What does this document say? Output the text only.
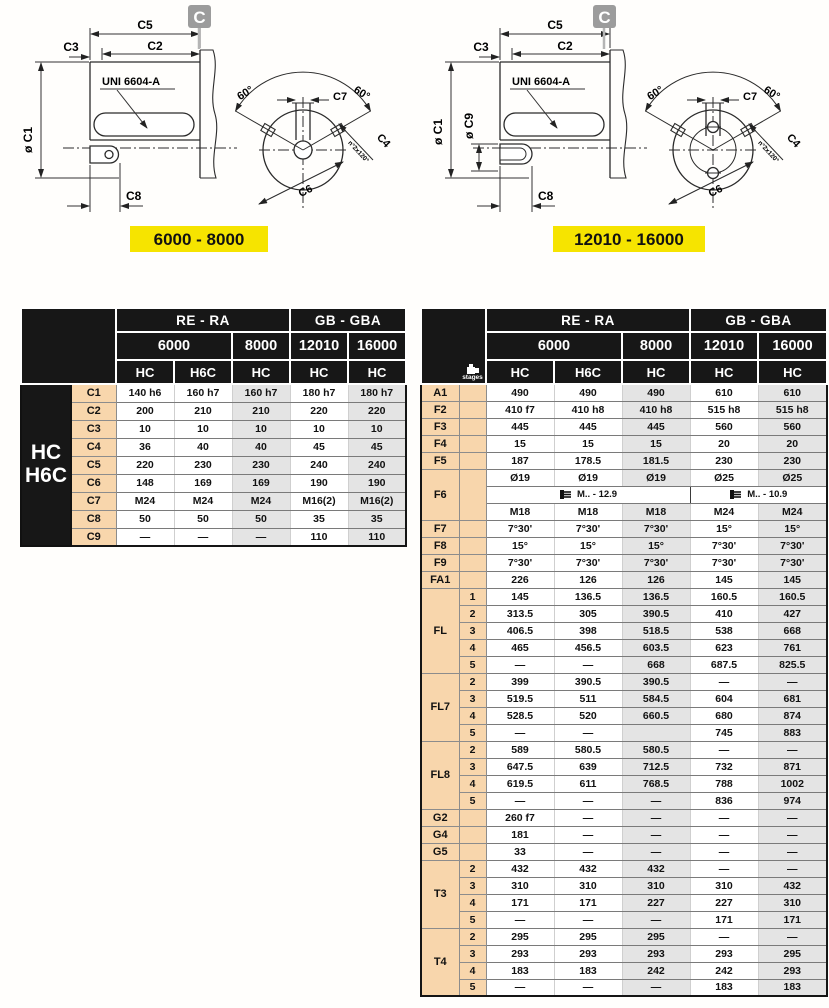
C5
C2
C3
ø C1
C8
UNI 6604-A
60°	60°
C7
C4
n°2x120°
C6
C
6000 - 8000
C5
C2
C3
ø C1 ø C9
C8
UNI 6604-A
60°	60°
C7
C4
n°2x120°
C6
C
12010 - 16000
		RE - RA			GB - GBA	
		6000		8000	12010	16000
		HC	H6C	HC	HC	HC

HC
H6C	C1	140 h6	160 h7	160 h7	180 h7	180 h7
	C2	200	210	210	220	220
	C3	10	10	10	10	10
	C4	36	40	40	45	45
	C5	220	230	230	240	240
	C6	148	169	169	190	190
	C7	M24	M24	M24	M16(2)	M16(2)
	C8	50	50	50	35	35
	C9	—	—	—	110	110
stages		RE - RA			GB - GBA	
		6000		8000	12010	16000
		HC	H6C	HC	HC	HC
A1		490	490	490	610	610
F2		410 f7	410 h8	410 h8	515 h8	515 h8
F3		445	445	445	560	560
F4		15	15	15	20	20
F5		187	178.5	181.5	230	230
F6		Ø19	Ø19	Ø19	Ø25	Ø25
		M.. - 12.9			M.. - 10.9	
		M18	M18	M18	M24	M24
F7		7°30'	7°30'	7°30'	15°	15°
F8		15°	15°	15°	7°30'	7°30'
F9		7°30'	7°30'	7°30'	7°30'	7°30'
FA1		226	126	126	145	145
FL	1	145	136.5	136.5	160.5	160.5
	2	313.5	305	390.5	410	427
	3	406.5	398	518.5	538	668
	4	465	456.5	603.5	623	761
	5	—	—	668	687.5	825.5
FL7	2	399	390.5	390.5	—	—
	3	519.5	511	584.5	604	681
	4	528.5	520	660.5	680	874
	5	—	—		745	883
FL8	2	589	580.5	580.5	—	—
	3	647.5	639	712.5	732	871
	4	619.5	611	768.5	788	1002
	5	—	—	—	836	974
G2		260 f7	—	—	—	—
G4		181	—	—	—	—
G5		33	—	—	—	—
T3	2	432	432	432	—	—
	3	310	310	310	310	432
	4	171	171	227	227	310
	5	—	—	—	171	171
T4	2	295	295	295	—	—
	3	293	293	293	293	295
	4	183	183	242	242	293
	5	—	—	—	183	183
